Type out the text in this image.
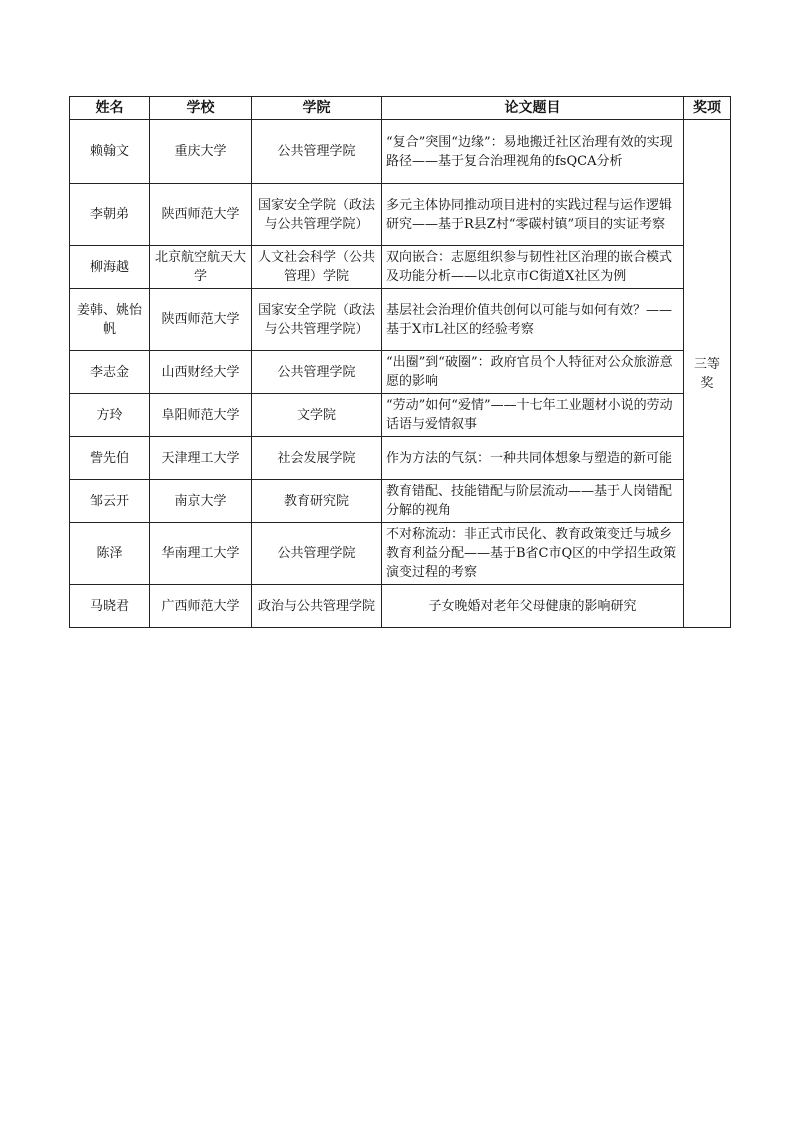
姓名	学校	学院	论文题目	奖项
赖翰文	重庆大学	公共管理学院	“复合”突围“边缘”：易地搬迁社区治理有效的实现路径——基于复合治理视角的fsQCA分析	三等奖
李朝弟	陕西师范大学	国家安全学院（政法与公共管理学院）	多元主体协同推动项目进村的实践过程与运作逻辑研究——基于R县Z村“零碳村镇”项目的实证考察	
柳海越	北京航空航天大学	人文社会科学（公共管理）学院	双向嵌合：志愿组织参与韧性社区治理的嵌合模式及功能分析——以北京市C街道X社区为例	
姜韩、姚怡帆	陕西师范大学	国家安全学院（政法与公共管理学院）	基层社会治理价值共创何以可能与如何有效？——基于X市L社区的经验考察	
李志金	山西财经大学	公共管理学院	“出圈”到“破圈”：政府官员个人特征对公众旅游意愿的影响	
方玲	阜阳师范大学	文学院	“劳动”如何“爱情”——十七年工业题材小说的劳动话语与爱情叙事	
訾先伯	天津理工大学	社会发展学院	作为方法的气氛：一种共同体想象与塑造的新可能	
邹云开	南京大学	教育研究院	教育错配、技能错配与阶层流动——基于人岗错配分解的视角	
陈泽	华南理工大学	公共管理学院	不对称流动：非正式市民化、教育政策变迁与城乡教育利益分配——基于B省C市Q区的中学招生政策演变过程的考察	
马晓君	广西师范大学	政治与公共管理学院	子女晚婚对老年父母健康的影响研究	
